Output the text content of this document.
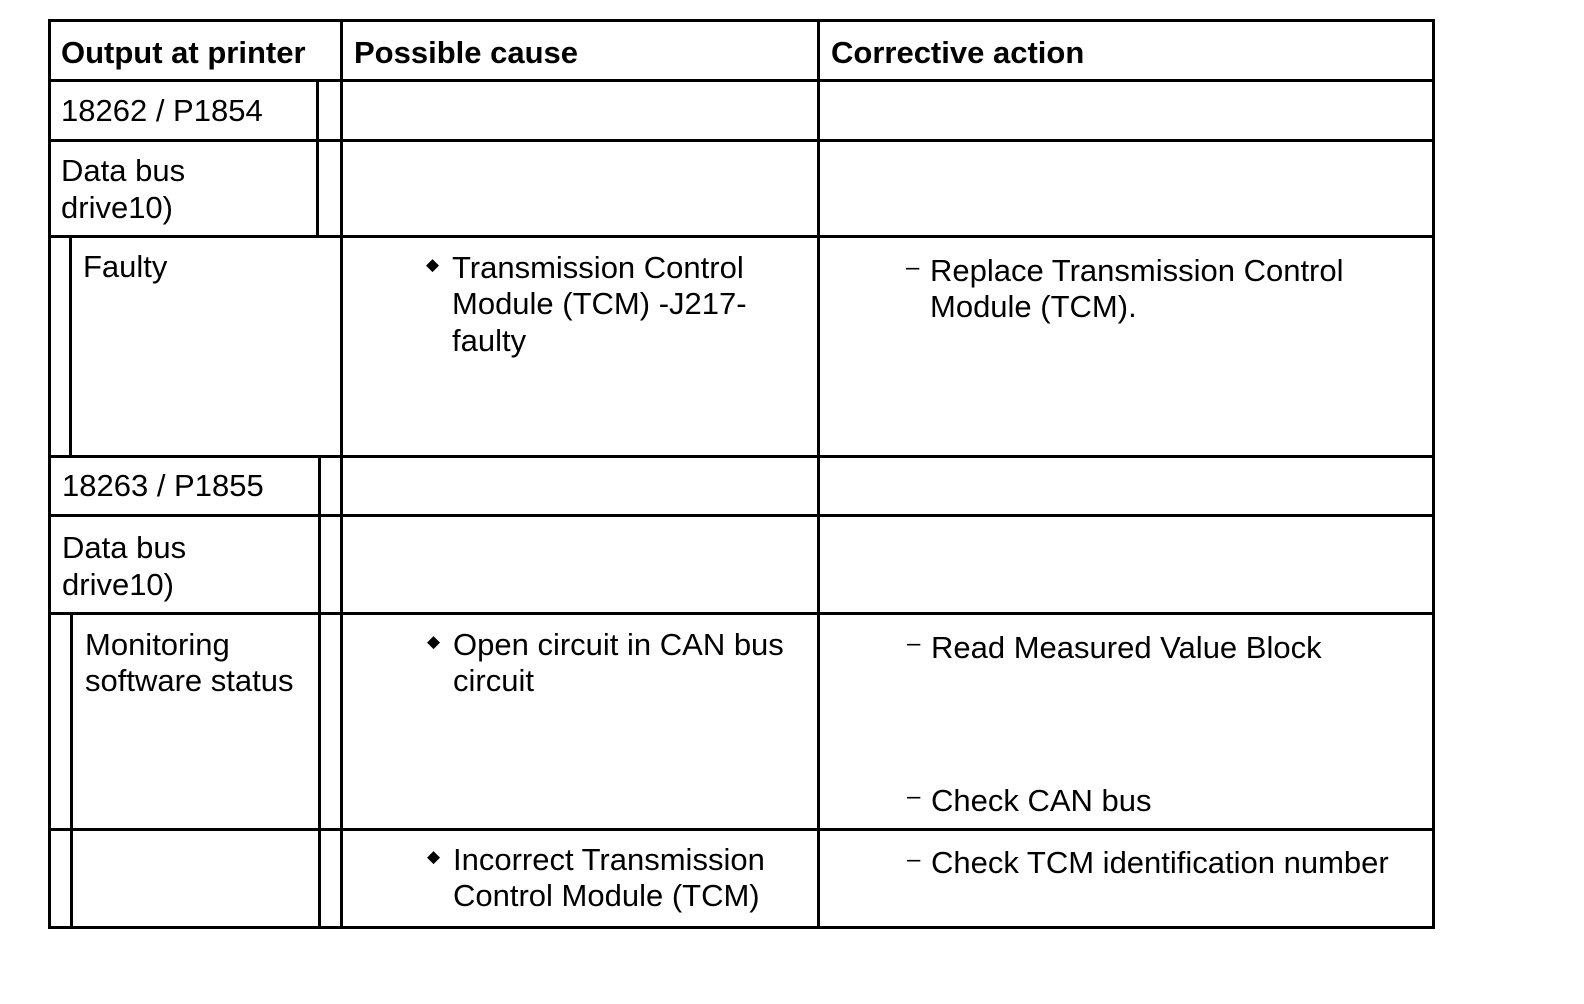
Output at printer Possible cause	Corrective action
18262 / P1854
Data bus
drive10)
Faulty	◆ Transmission Control
Module (TCM) -J217-
faulty
– Replace Transmission Control
Module (TCM).
18263 / P1855
Data bus
drive10)
Monitoring
software status
◆ Open circuit in CAN bus
circuit
– Read Measured Value Block
– Check CAN bus
◆ Incorrect Transmission
Control Module (TCM)
– Check TCM identification number
